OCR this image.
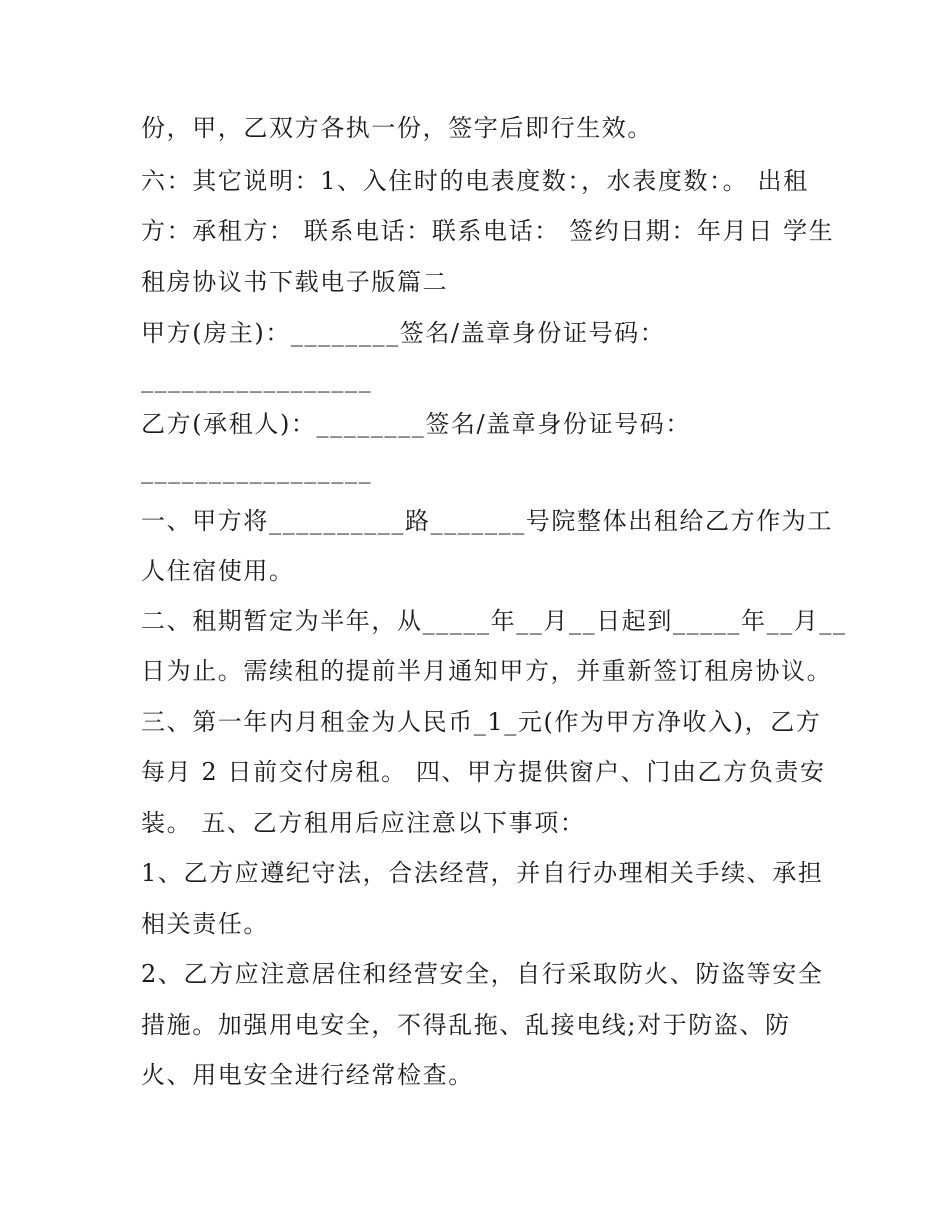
份，甲，乙双方各执一份，签字后即行生效。
六：其它说明：1、入住时的电表度数：，水表度数：。 出租
方：承租方： 联系电话：联系电话： 签约日期：年月日 学生
租房协议书下载电子版篇二
甲方(房主)：________签名/盖章身份证号码：
_________________
乙方(承租人)：________签名/盖章身份证号码：
_________________
一、甲方将__________路_______号院整体出租给乙方作为工
人住宿使用。
二、租期暂定为半年，从_____年__月__日起到_____年__月__
日为止。需续租的提前半月通知甲方，并重新签订租房协议。
三、第一年内月租金为人民币_1_元(作为甲方净收入)，乙方
每月 2 日前交付房租。 四、甲方提供窗户、门由乙方负责安
装。 五、乙方租用后应注意以下事项：
1、乙方应遵纪守法，合法经营，并自行办理相关手续、承担
相关责任。
2、乙方应注意居住和经营安全，自行采取防火、防盗等安全
措施。加强用电安全，不得乱拖、乱接电线;对于防盗、防
火、用电安全进行经常检查。
